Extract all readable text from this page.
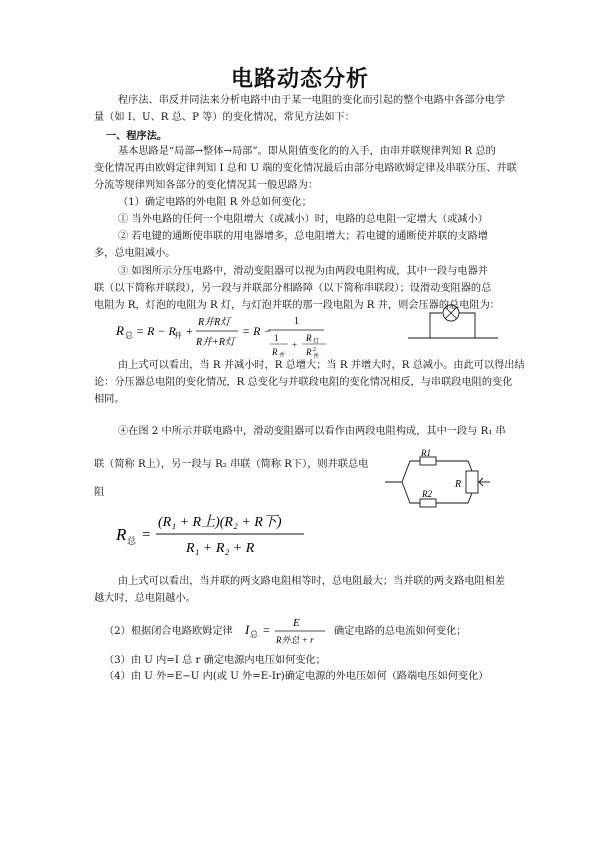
电路动态分析
程序法、串反并同法来分析电路中由于某一电阻的变化而引起的整个电路中各部分电学
量（如 I、U、R 总、P 等）的变化情况，常见方法如下：
一、程序法。
基本思路是“局部→整体→局部”。即从阻值变化的的入手，由串并联规律判知 R 总的
变化情况再由欧姆定律判知 I 总和 U 端的变化情况最后由部分电路欧姆定律及串联分压、并联
分流等规律判知各部分的变化情况其一般思路为：
（1）确定电路的外电阻 R 外总如何变化；
① 当外电路的任何一个电阻增大（或减小）时，电路的总电阻一定增大（或减小）
② 若电键的通断使串联的用电器增多，总电阻增大；若电键的通断使并联的支路增
多，总电阻减小。
③ 如图所示分压电路中，滑动变阻器可以视为由两段电阻构成，其中一段与电器并
联（以下简称并联段），另一段与并联部分相路障（以下简称串联段）；设滑动变阻器的总
电阻为 R，灯泡的电阻为 R 灯，与灯泡并联的那一段电阻为 R 并，则会压器的总电阻为：
R 总 = R − R
并 +
R并R灯
R并+R灯
= R −
1
1
R 并
+
R 灯
R 2
并
由上式可以看出，当 R 并减小时，R 总增大；当 R 并增大时，R 总减小。由此可以得出结
论：分压器总电阻的变化情况，R 总变化与并联段电阻的变化情况相反，与串联段电阻的变化
相同。
④在图 2 中所示并联电路中，滑动变阻器可以看作由两段电阻构成，其中一段与 R₁ 串
联（简称 R上），另一段与 R₂ 串联（简称 R下），则并联总电
阻
R1
R2
R
R 总 =
(R₁ + R上)(R₂ + R下)
R₁ + R₂ + R
由上式可以看出，当并联的两支路电阻相等时，总电阻最大；当并联的两支路电阻相差
越大时，总电阻越小。
（2）根据闭合电路欧姆定律 I 总 = E
R外总 + r
确定电路的总电流如何变化；
（3）由 U 内=I 总 r 确定电源内电压如何变化；
（4）由 U 外=E−U 内(或 U 外=E-Ir)确定电源的外电压如何（路端电压如何变化）
